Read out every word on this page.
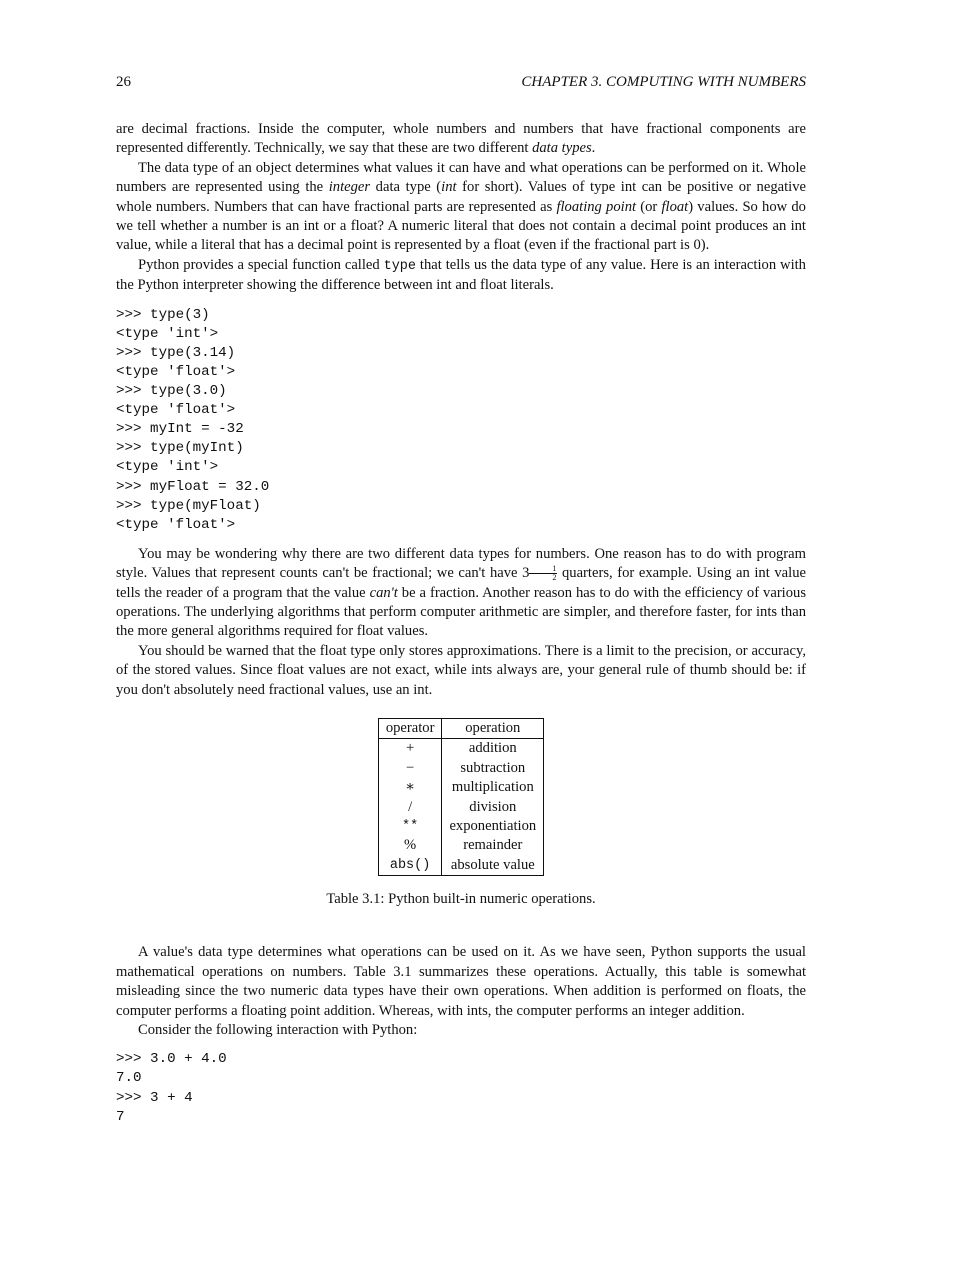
26	CHAPTER 3. COMPUTING WITH NUMBERS

are decimal fractions. Inside the computer, whole numbers and numbers that have fractional components are represented differently. Technically, we say that these are two different data types.

The data type of an object determines what values it can have and what operations can be performed on it. Whole numbers are represented using the integer data type (int for short). Values of type int can be positive or negative whole numbers. Numbers that can have fractional parts are represented as floating point (or float) values. So how do we tell whether a number is an int or a float? A numeric literal that does not contain a decimal point produces an int value, while a literal that has a decimal point is represented by a float (even if the fractional part is 0).

Python provides a special function called type that tells us the data type of any value. Here is an interaction with the Python interpreter showing the difference between int and float literals.

>>> type(3)
<type 'int'>
>>> type(3.14)
<type 'float'>
>>> type(3.0)
<type 'float'>
>>> myInt = -32
>>> type(myInt)
<type 'int'>
>>> myFloat = 32.0
>>> type(myFloat)
<type 'float'>

You may be wondering why there are two different data types for numbers. One reason has to do with program style. Values that represent counts can't be fractional; we can't have $3 \frac{1}{2}$ quarters, for example. Using an int value tells the reader of a program that the value can't be a fraction. Another reason has to do with the efficiency of various operations. The underlying algorithms that perform computer arithmetic are simpler, and therefore faster, for ints than the more general algorithms required for float values.

You should be warned that the float type only stores approximations. There is a limit to the precision, or accuracy, of the stored values. Since float values are not exact, while ints always are, your general rule of thumb should be: if you don't absolutely need fractional values, use an int.

operator	operation
+	addition
−	subtraction
∗	multiplication
/	division
**	exponentiation
%	remainder
abs()	absolute value
Table 3.1: Python built-in numeric operations.

A value's data type determines what operations can be used on it. As we have seen, Python supports the usual mathematical operations on numbers. Table 3.1 summarizes these operations. Actually, this table is somewhat misleading since the two numeric data types have their own operations. When addition is performed on floats, the computer performs a floating point addition. Whereas, with ints, the computer performs an integer addition.

Consider the following interaction with Python:

>>> 3.0 + 4.0
7.0
>>> 3 + 4
7
